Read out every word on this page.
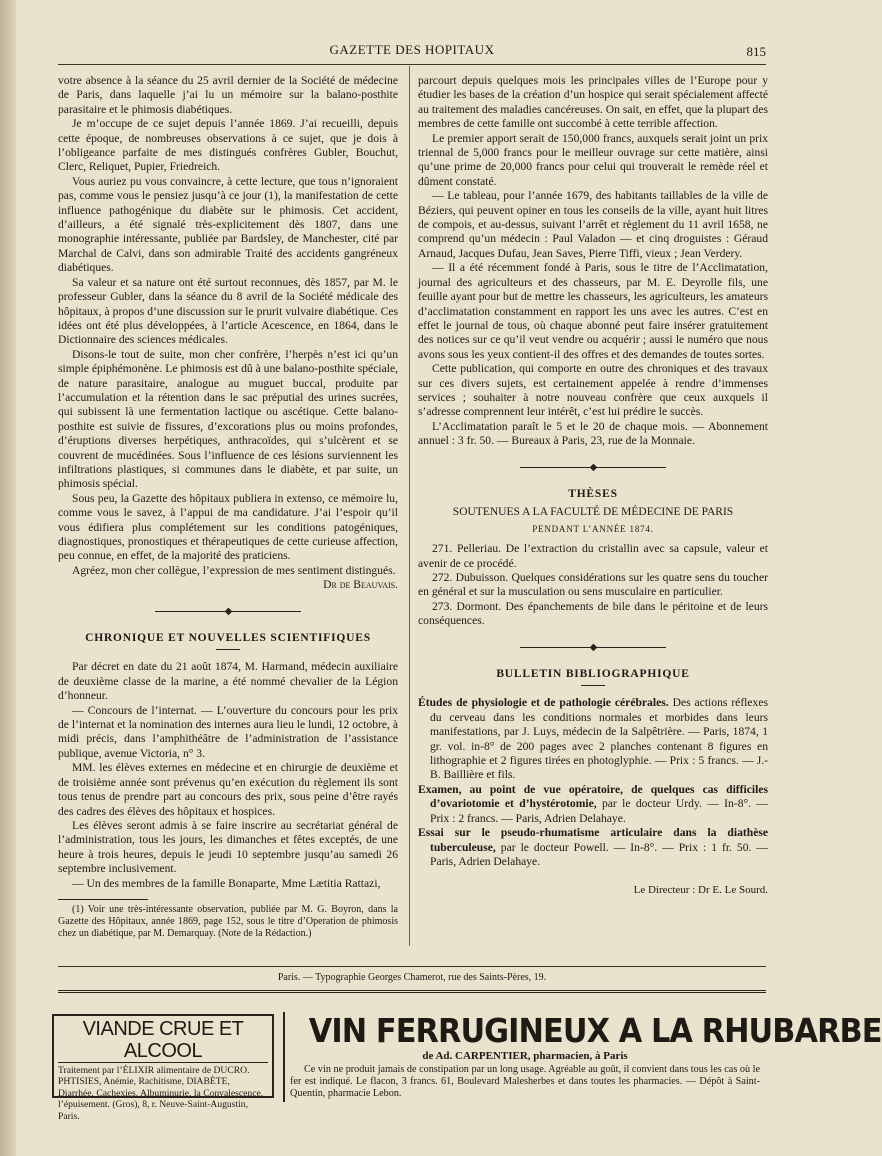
GAZETTE DES HOPITAUX	815

votre absence à la séance du 25 avril dernier de la Société de médecine de Paris, dans laquelle j’ai lu un mémoire sur la balano-posthite parasitaire et le phimosis diabétiques.

Je m’occupe de ce sujet depuis l’année 1869. J’ai recueilli, depuis cette époque, de nombreuses observations à ce sujet, que je dois à l’obligeance parfaite de mes distingués confrères Gubler, Bouchut, Clerc, Reliquet, Pupier, Friedreich.

Vous auriez pu vous convaincre, à cette lecture, que tous n’ignoraient pas, comme vous le pensiez jusqu’à ce jour (1), la manifestation de cette influence pathogénique du diabète sur le phimosis. Cet accident, d’ailleurs, a été signalé très-explicitement dès 1807, dans une monographie intéressante, publiée par Bardsley, de Manchester, cité par Marchal de Calvi, dans son admirable Traité des accidents gangréneux diabétiques.

Sa valeur et sa nature ont été surtout reconnues, dès 1857, par M. le professeur Gubler, dans la séance du 8 avril de la Société médicale des hôpitaux, à propos d’une discussion sur le prurit vulvaire diabétique. Ces idées ont été plus développées, à l’article Acescence, en 1864, dans le Dictionnaire des sciences médicales.

Disons-le tout de suite, mon cher confrère, l’herpès n’est ici qu’un simple épiphémonène. Le phimosis est dû à une balano-posthite spéciale, de nature parasitaire, analogue au muguet buccal, produite par l’accumulation et la rétention dans le sac préputial des urines sucrées, qui subissent là une fermentation lactique ou ascétique. Cette balano-posthite est suivie de fissures, d’excorations plus ou moins profondes, d’éruptions diverses herpétiques, anthracoïdes, qui s’ulcèrent et se couvrent de mucédinées. Sous l’influence de ces lésions surviennent les infiltrations plastiques, si communes dans le diabète, et par suite, un phimosis spécial.

Sous peu, la Gazette des hôpitaux publiera in extenso, ce mémoire lu, comme vous le savez, à l’appui de ma candidature. J’ai l’espoir qu’il vous édifiera plus complétement sur les conditions patogéniques, diagnostiques, pronostiques et thérapeutiques de cette curieuse affection, peu connue, en effet, de la majorité des praticiens.

Agréez, mon cher collègue, l’expression de mes sentiment distingués.

Dr de Beauvais.
◆
CHRONIQUE ET NOUVELLES SCIENTIFIQUES

Par décret en date du 21 août 1874, M. Harmand, médecin auxiliaire de deuxième classe de la marine, a été nommé chevalier de la Légion d’honneur.

— Concours de l’internat. — L’ouverture du concours pour les prix de l’internat et la nomination des internes aura lieu le lundi, 12 octobre, à midi précis, dans l’amphithéâtre de l’administration de l’assistance publique, avenue Victoria, n° 3.

MM. les élèves externes en médecine et en chirurgie de deuxième et de troisième année sont prévenus qu’en exécution du règlement ils sont tous tenus de prendre part au concours des prix, sous peine d’être rayés des cadres des élèves des hôpitaux et hospices.

Les élèves seront admis à se faire inscrire au secrétariat général de l’administration, tous les jours, les dimanches et fêtes exceptés, de une heure à trois heures, depuis le jeudi 10 septembre jusqu’au samedi 26 septembre inclusivement.

— Un des membres de la famille Bonaparte, Mme Lætitia Rattazi,

(1) Voir une très-intéressante observation, publiée par M. G. Boyron, dans la Gazette des Hôpitaux, année 1869, page 152, sous le titre d’Operation de phimosis chez un diabétique, par M. Demarquay. (Note de la Rédaction.)

parcourt depuis quelques mois les principales villes de l’Europe pour y étudier les bases de la création d’un hospice qui serait spécialement affecté au traitement des maladies cancéreuses. On sait, en effet, que la plupart des membres de cette famille ont succombé à cette terrible affection.

Le premier apport serait de 150,000 francs, auxquels serait joint un prix triennal de 5,000 francs pour le meilleur ouvrage sur cette matière, ainsi qu’une prime de 20,000 francs pour celui qui trouverait le remède réel et dûment constaté.

— Le tableau, pour l’année 1679, des habitants taillables de la ville de Béziers, qui peuvent opiner en tous les conseils de la ville, ayant huit litres de compois, et au-dessus, suivant l’arrêt et règlement du 11 avril 1658, ne comprend qu’un médecin : Paul Valadon — et cinq droguistes : Géraud Arnaud, Jacques Dufau, Jean Saves, Pierre Tiffi, vieux ; Jean Verdery.

— Il a été récemment fondé à Paris, sous le titre de l’Acclimatation, journal des agriculteurs et des chasseurs, par M. E. Deyrolle fils, une feuille ayant pour but de mettre les chasseurs, les agriculteurs, les amateurs d’acclimatation constamment en rapport les uns avec les autres. C’est en effet le journal de tous, où chaque abonné peut faire insérer gratuitement des notices sur ce qu’il veut vendre ou acquérir ; aussi le numéro que nous avons sous les yeux contient-il des offres et des demandes de toutes sortes.

Cette publication, qui comporte en outre des chroniques et des travaux sur ces divers sujets, est certainement appelée à rendre d’immenses services ; souhaiter à notre nouveau confrère que ceux auxquels il s’adresse comprennent leur intérêt, c’est lui prédire le succès.

L’Acclimatation paraît le 5 et le 20 de chaque mois. — Abonnement annuel : 3 fr. 50. — Bureaux à Paris, 23, rue de la Monnaie.

◆
THÈSES
SOUTENUES A LA FACULTÉ DE MÉDECINE DE PARIS
PENDANT L’ANNÉE 1874.

271. Pelleriau. De l’extraction du cristallin avec sa capsule, valeur et avenir de ce procédé.

272. Dubuisson. Quelques considérations sur les quatre sens du toucher en général et sur la musculation ou sens musculaire en particulier.

273. Dormont. Des épanchements de bile dans le péritoine et de leurs conséquences.

◆
BULLETIN BIBLIOGRAPHIQUE

Études de physiologie et de pathologie cérébrales. Des actions réflexes du cerveau dans les conditions normales et morbides dans leurs manifestations, par J. Luys, médecin de la Salpêtrière. — Paris, 1874, 1 gr. vol. in-8° de 200 pages avec 2 planches contenant 8 figures en lithographie et 2 figures tirées en photoglyphie. — Prix : 5 francs. — J.-B. Baillière et fils.

Examen, au point de vue opératoire, de quelques cas difficiles d’ovariotomie et d’hystérotomie, par le docteur Urdy. — In-8°. — Prix : 2 francs. — Paris, Adrien Delahaye.

Essai sur le pseudo-rhumatisme articulaire dans la diathèse tuberculeuse, par le docteur Powell. — In-8°. — Prix : 1 fr. 50. — Paris, Adrien Delahaye.

Le Directeur : Dr E. Le Sourd.
Paris. — Typographie Georges Chamerot, rue des Saints-Pères, 19.
VIANDE CRUE ET ALCOOL
Traitement par l’ÉLIXIR alimentaire de DUCRO. PHTISIES, Anémie, Rachitisme, DIABÈTE, Diarrhée, Cachexies, Albuminurie, la Convalescence, l’épuisement. (Gros), 8, r. Neuve-Saint-Augustin, Paris.
VIN FERRUGINEUX A LA RHUBARBE
de Ad. CARPENTIER, pharmacien, à Paris
Ce vin ne produit jamais de constipation par un long usage. Agréable au goût, il convient dans tous les cas où le fer est indiqué. Le flacon, 3 francs. 61, Boulevard Malesherbes et dans toutes les pharmacies. — Dépôt à Saint-Quentin, pharmacie Lebon.
